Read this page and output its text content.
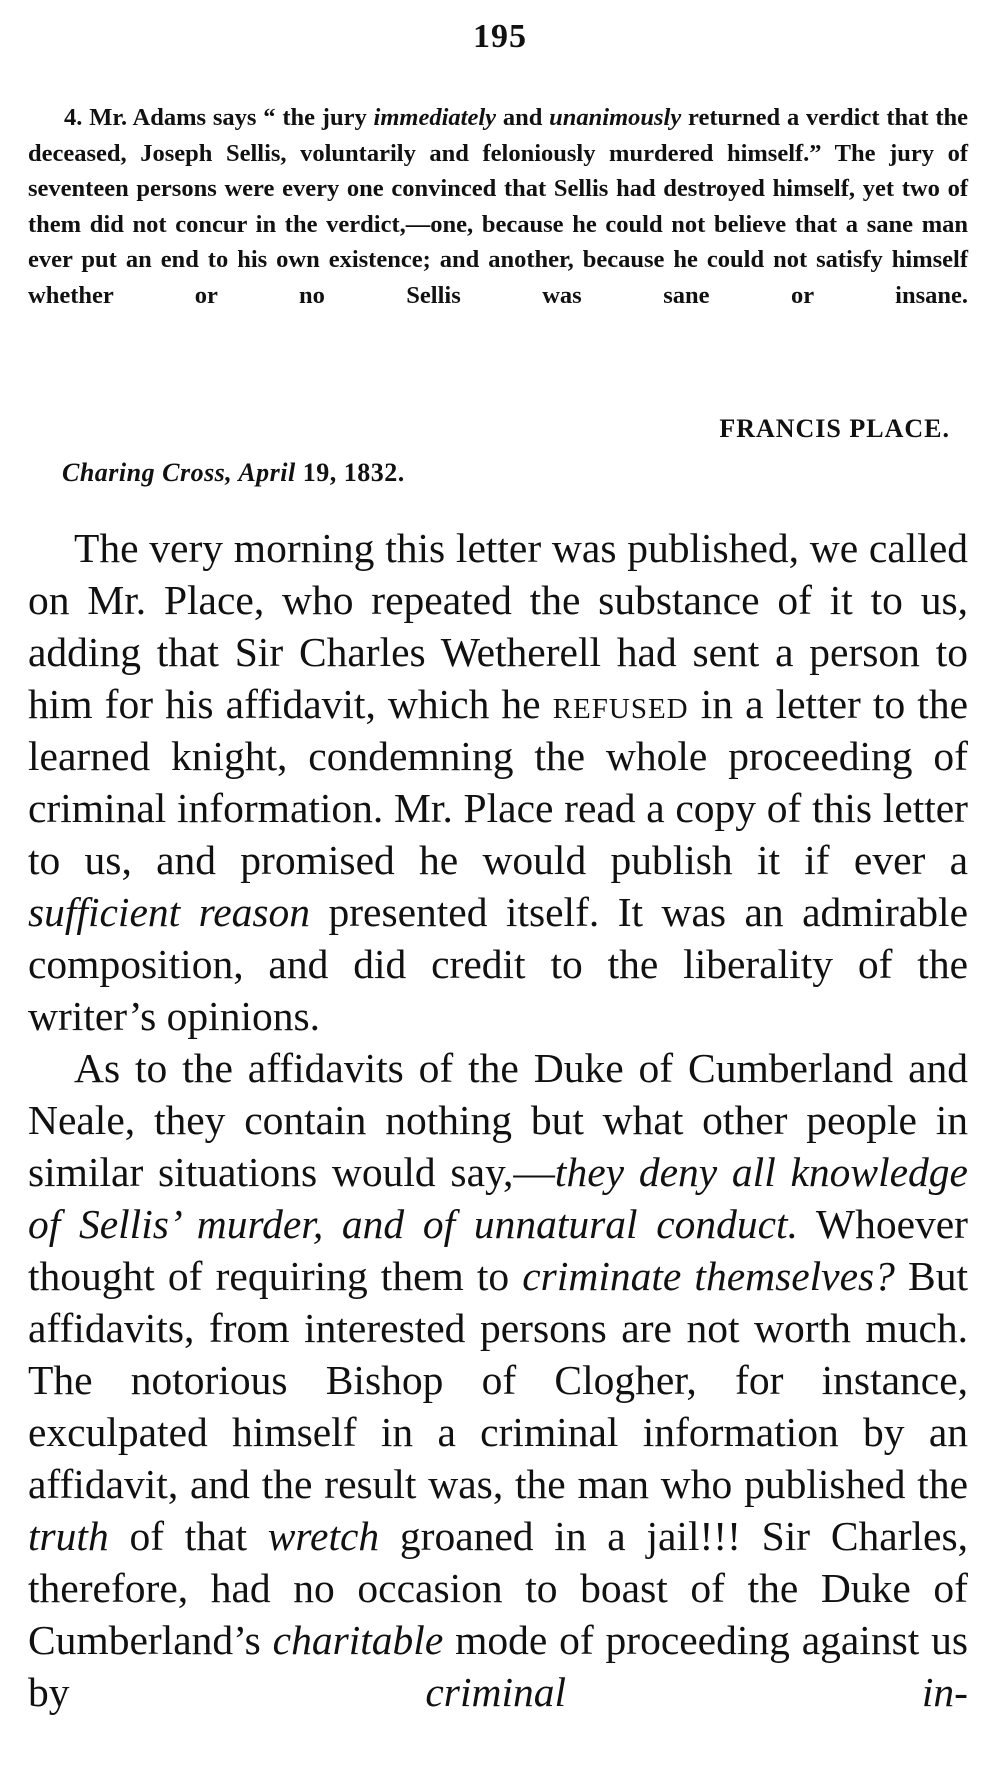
195

4. Mr. Adams says “ the jury immediately and unanimously returned a verdict that the deceased, Joseph Sellis, voluntarily and feloniously murdered himself.” The jury of seventeen persons were every one convinced that Sellis had destroyed himself, yet two of them did not concur in the verdict,—one, because he could not believe that a sane man ever put an end to his own existence; and another, because he could not satisfy himself whether or no Sellis was sane or insane.

FRANCIS PLACE.
Charing Cross, April 19, 1832.

The very morning this letter was published, we called on Mr. Place, who repeated the substance of it to us, adding that Sir Charles Wetherell had sent a person to him for his affidavit, which he refused in a letter to the learned knight, condemning the whole proceeding of criminal information. Mr. Place read a copy of this letter to us, and promised he would publish it if ever a sufficient reason presented itself. It was an admirable composition, and did credit to the liberality of the writer’s opinions.

As to the affidavits of the Duke of Cumberland and Neale, they contain nothing but what other people in similar situations would say,—they deny all knowledge of Sellis’ murder, and of unnatural conduct. Whoever thought of requiring them to criminate themselves? But affidavits, from interested persons are not worth much. The notorious Bishop of Clogher, for instance, exculpated himself in a criminal information by an affidavit, and the result was, the man who published the truth of that wretch groaned in a jail!!! Sir Charles, therefore, had no occasion to boast of the Duke of Cumberland’s charitable mode of proceeding against us by criminal in-
